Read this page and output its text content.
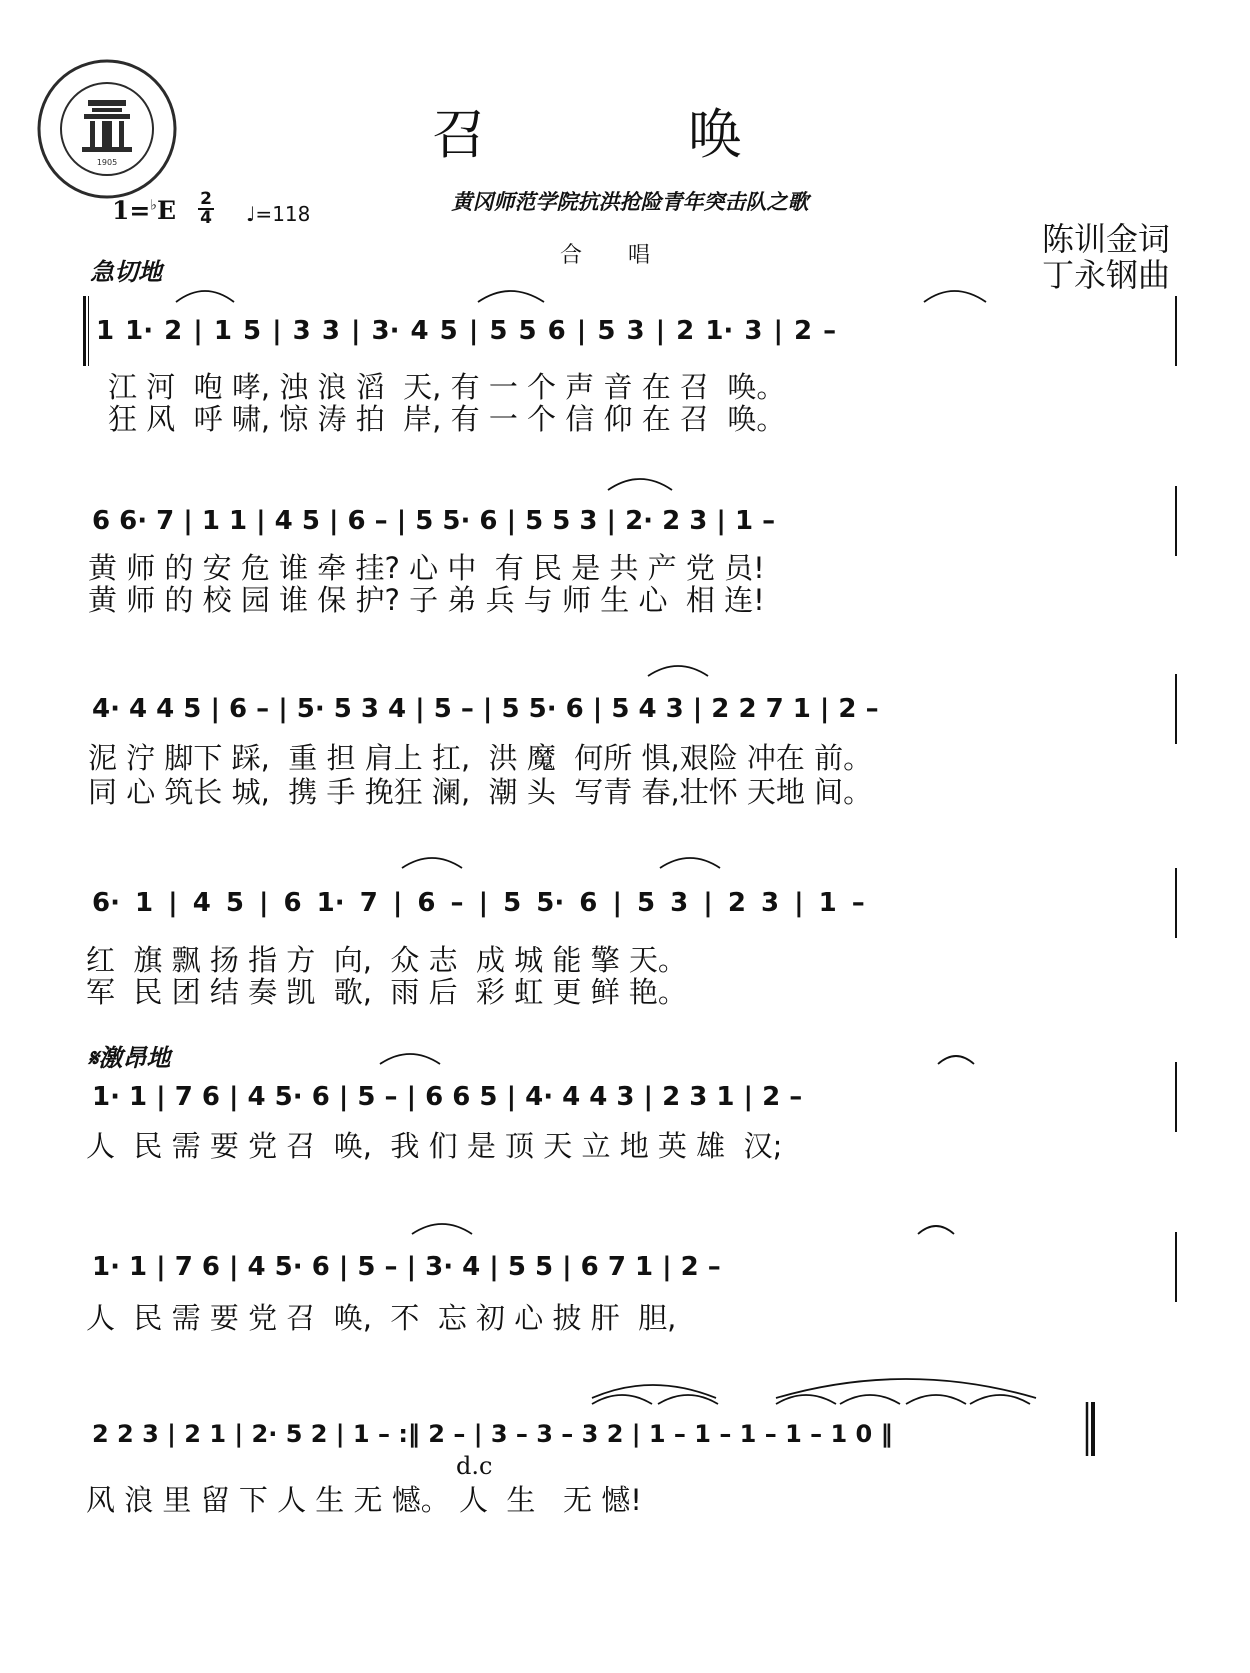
1905	召	唤
黄冈师范学院抗洪抢险青年突击队之歌
1=♭E 2
4 ♩=118
合唱	陈训金词
丁永钢曲
急切地
𝄋激昂地
1 1· 2 | 1 5 | 3 3 | 3· 4 5 | 5 5 6 | 5 3 | 2 1· 3 | 2 –
江 河  咆 哮, 浊 浪 滔  天, 有 一 个 声 音 在 召  唤。
狂 风  呼 啸, 惊 涛 拍  岸, 有 一 个 信 仰 在 召  唤。
6 6· 7 | 1 1 | 4 5 | 6 – | 5 5· 6 | 5 5 3 | 2· 2 3 | 1 –
黄 师 的 安 危 谁 牵 挂? 心 中  有 民 是 共 产 党 员!
黄 师 的 校 园 谁 保 护? 子 弟 兵 与 师 生 心  相 连!
4· 4 4 5 | 6 – | 5· 5 3 4 | 5 – | 5 5· 6 | 5 4 3 | 2 2 7 1 | 2 –
泥 泞 脚下 踩,  重 担 肩上 扛,  洪 魔  何所 惧,艰险 冲在 前。
同 心 筑长 城,  携 手 挽狂 澜,  潮 头  写青 春,壮怀 天地 间。
6· 1 | 4 5 | 6 1· 7 | 6 – | 5 5· 6 | 5 3 | 2 3 | 1 –
红  旗 飘 扬 指 方  向,  众 志  成 城 能 擎 天。
军  民 团 结 奏 凯  歌,  雨 后  彩 虹 更 鲜 艳。
1· 1 | 7 6 | 4 5· 6 | 5 – | 6 6 5 | 4· 4 4 3 | 2 3 1 | 2 –
人  民 需 要 党 召  唤,  我 们 是 顶 天 立 地 英 雄  汉;
1· 1 | 7 6 | 4 5· 6 | 5 – | 3· 4 | 5 5 | 6 7 1 | 2 –
人  民 需 要 党 召  唤,  不  忘 初 心 披 肝  胆,
2 2 3 | 2 1 | 2· 5 2 | 1 – :‖ 2 – | 3 – 3 – 3 2 | 1 – 1 – 1 – 1 – 1 0 ‖
d.c
风 浪 里 留 下 人 生 无 憾。 人  生   无 憾!
